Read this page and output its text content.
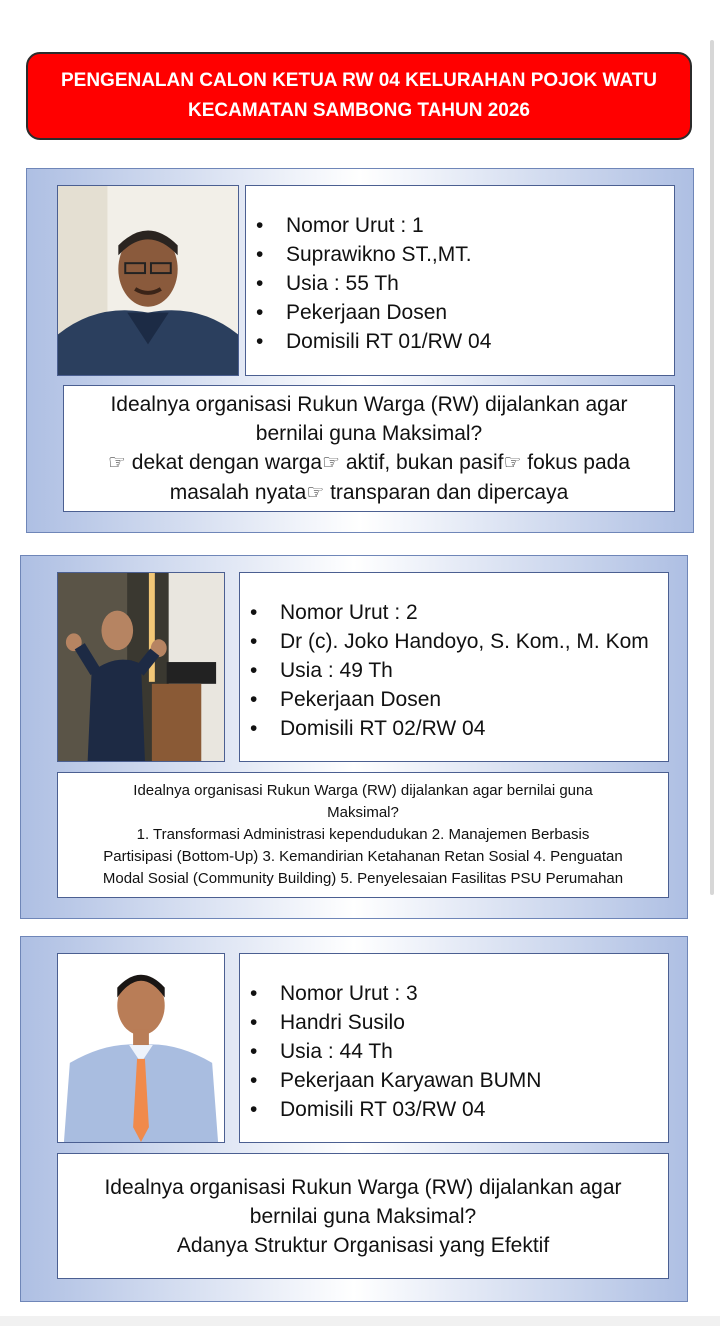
PENGENALAN CALON KETUA RW 04 KELURAHAN POJOK WATU
KECAMATAN SAMBONG TAHUN 2026
• Nomor Urut : 1
• Suprawikno ST.,MT.
• Usia : 55 Th
• Pekerjaan Dosen
• Domisili RT 01/RW 04
Idealnya organisasi Rukun Warga (RW) dijalankan agar
bernilai guna Maksimal?
☞ dekat dengan warga☞ aktif, bukan pasif☞ fokus pada
masalah nyata☞ transparan dan dipercaya
• Nomor Urut : 2
• Dr (c). Joko Handoyo, S. Kom., M. Kom
• Usia : 49 Th
• Pekerjaan Dosen
• Domisili RT 02/RW 04
Idealnya organisasi Rukun Warga (RW) dijalankan agar bernilai guna
Maksimal?
1. Transformasi Administrasi kependudukan 2. Manajemen Berbasis
Partisipasi (Bottom-Up) 3. Kemandirian Ketahanan Retan Sosial 4. Penguatan
Modal Sosial (Community Building) 5. Penyelesaian Fasilitas PSU Perumahan
• Nomor Urut : 3
• Handri Susilo
• Usia : 44 Th
• Pekerjaan Karyawan BUMN
• Domisili RT 03/RW 04
Idealnya organisasi Rukun Warga (RW) dijalankan agar
bernilai guna Maksimal?
Adanya Struktur Organisasi yang Efektif
